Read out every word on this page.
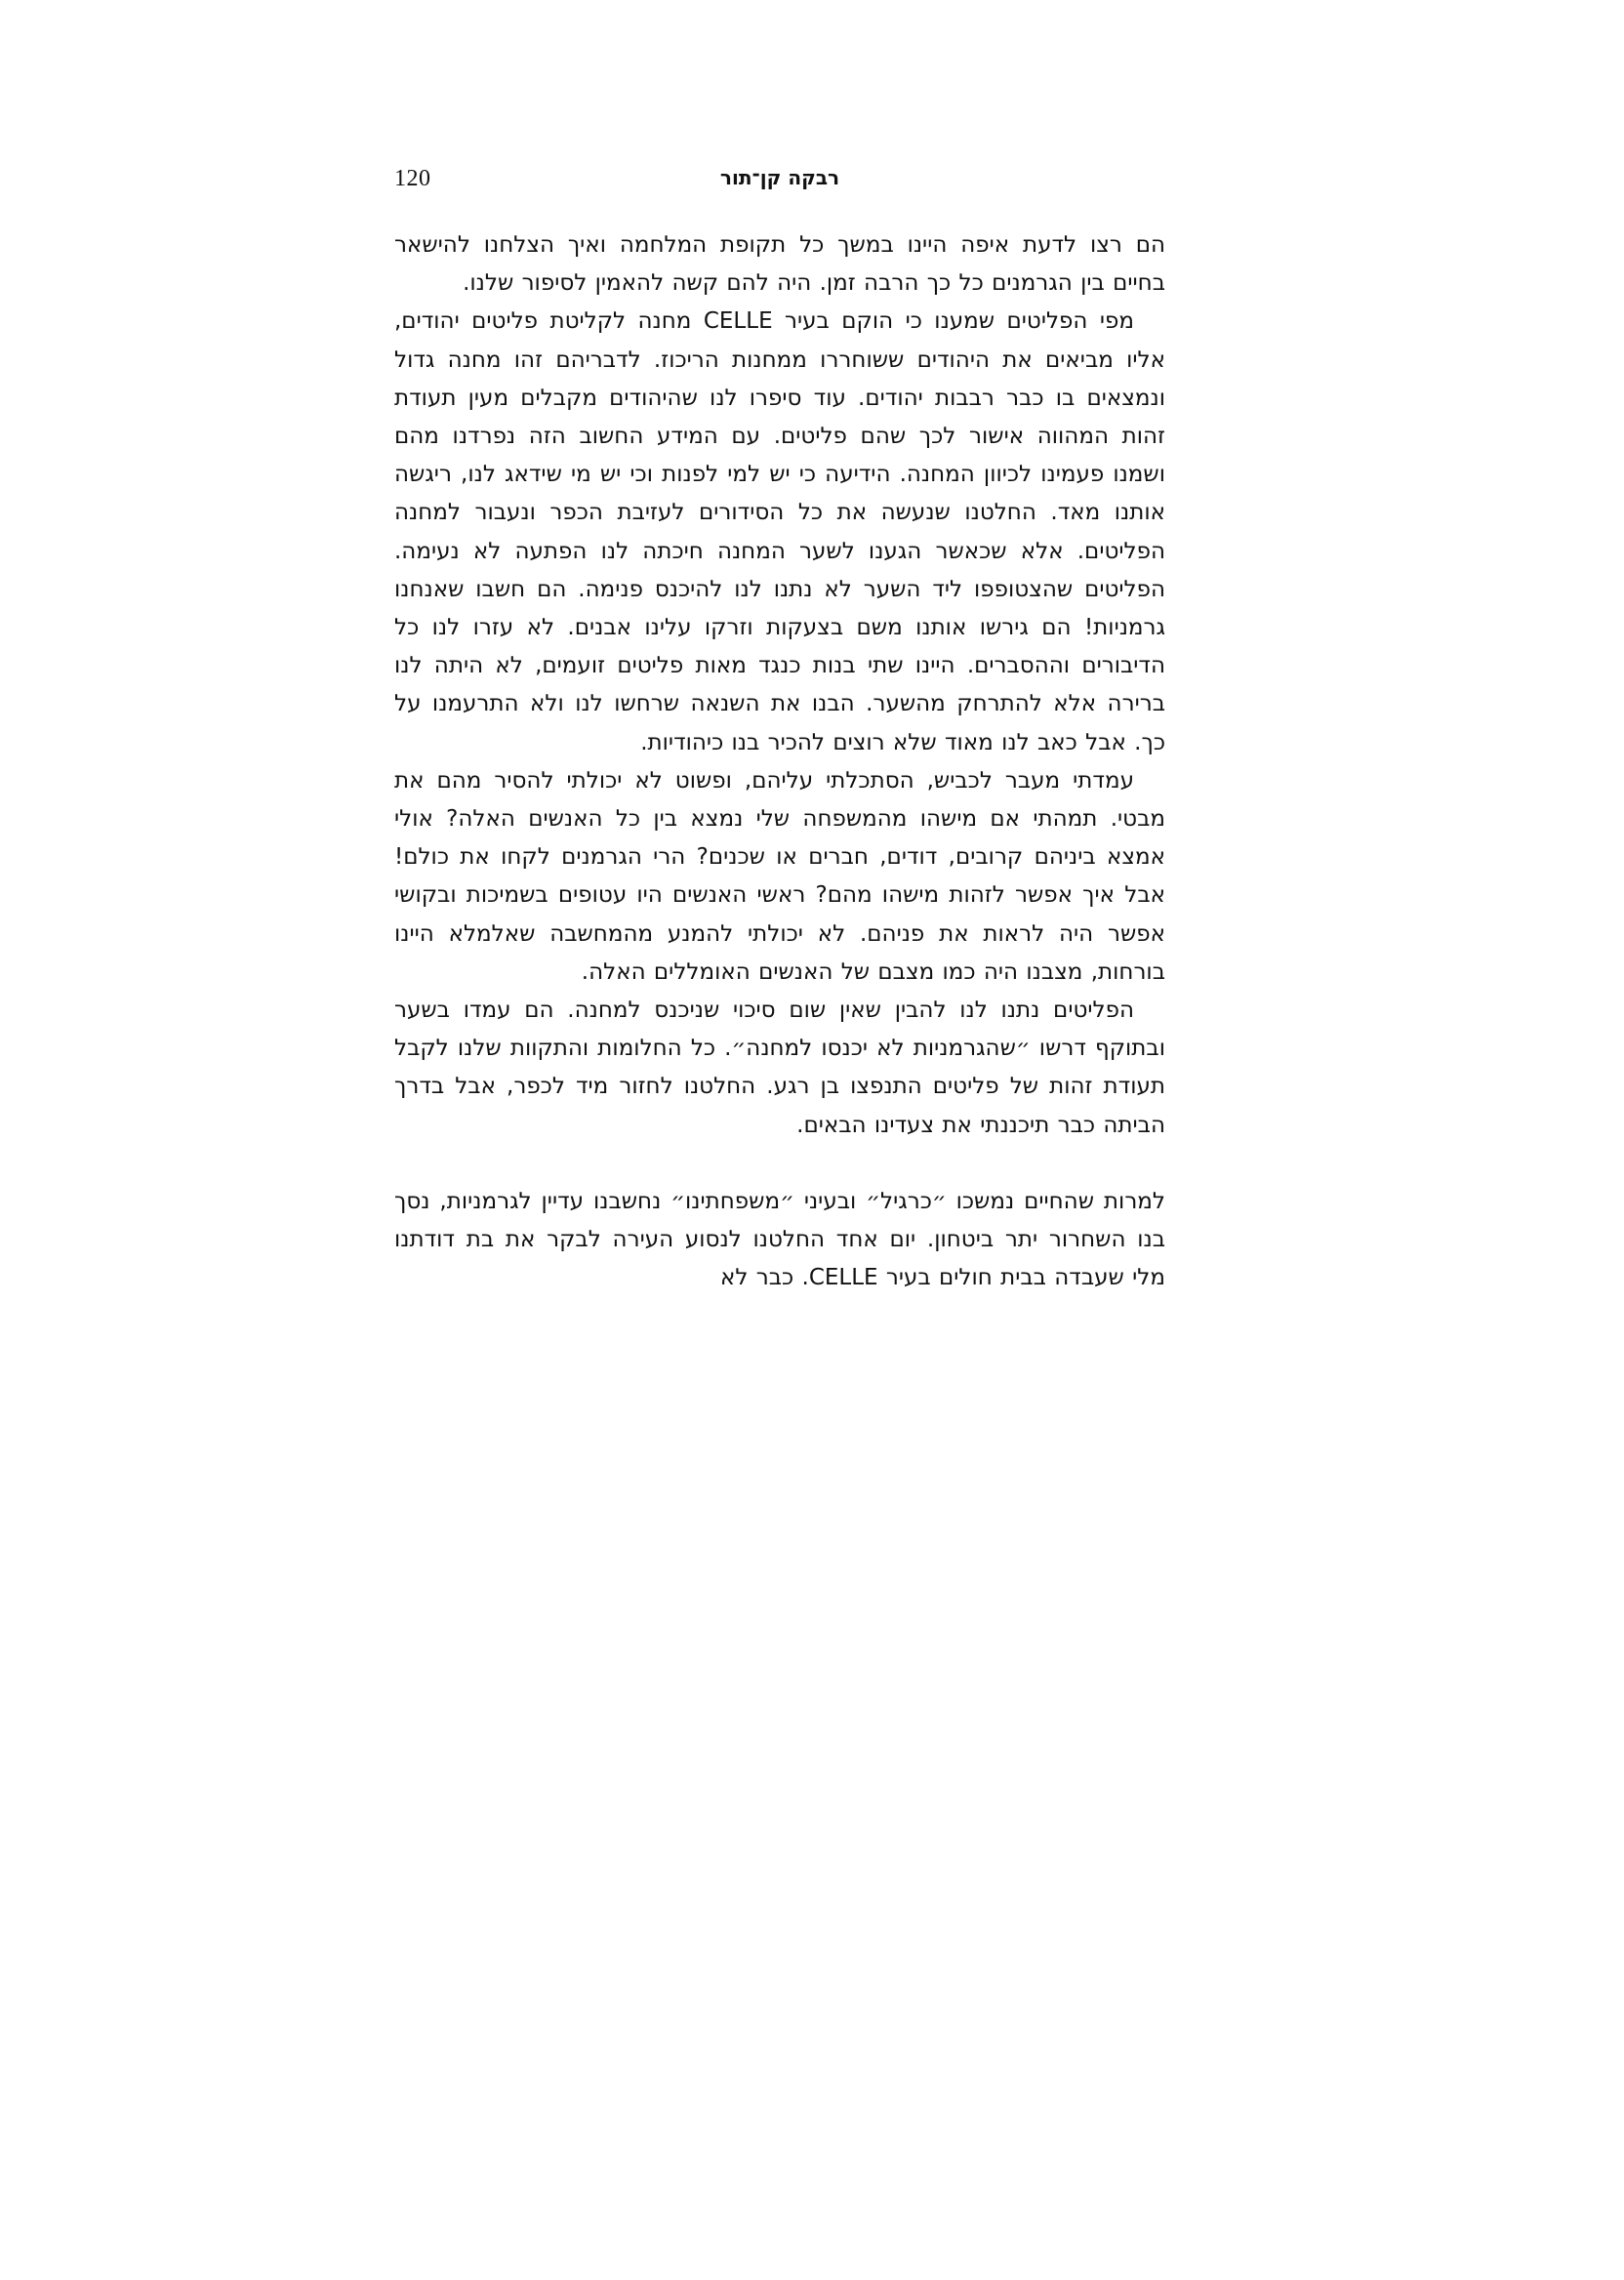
120	רבקה קן־תור

הם רצו לדעת איפה היינו במשך כל תקופת המלחמה ואיך הצלחנו להישאר בחיים בין הגרמנים כל כך הרבה זמן. היה להם קשה להאמין לסיפור שלנו.

מפי הפליטים שמענו כי הוקם בעיר CELLE מחנה לקליטת פליטים יהודים, אליו מביאים את היהודים ששוחררו ממחנות הריכוז. לדבריהם זהו מחנה גדול ונמצאים בו כבר רבבות יהודים. עוד סיפרו לנו שהיהודים מקבלים מעין תעודת זהות המהווה אישור לכך שהם פליטים. עם המידע החשוב הזה נפרדנו מהם ושמנו פעמינו לכיוון המחנה. הידיעה כי יש למי לפנות וכי יש מי שידאג לנו, ריגשה אותנו מאד. החלטנו שנעשה את כל הסידורים לעזיבת הכפר ונעבור למחנה הפליטים. אלא שכאשר הגענו לשער המחנה חיכתה לנו הפתעה לא נעימה. הפליטים שהצטופפו ליד השער לא נתנו לנו להיכנס פנימה. הם חשבו שאנחנו גרמניות! הם גירשו אותנו משם בצעקות וזרקו עלינו אבנים. לא עזרו לנו כל הדיבורים וההסברים. היינו שתי בנות כנגד מאות פליטים זועמים, לא היתה לנו ברירה אלא להתרחק מהשער. הבנו את השנאה שרחשו לנו ולא התרעמנו על כך. אבל כאב לנו מאוד שלא רוצים להכיר בנו כיהודיות.

עמדתי מעבר לכביש, הסתכלתי עליהם, ופשוט לא יכולתי להסיר מהם את מבטי. תמהתי אם מישהו מהמשפחה שלי נמצא בין כל האנשים האלה? אולי אמצא ביניהם קרובים, דודים, חברים או שכנים? הרי הגרמנים לקחו את כולם! אבל איך אפשר לזהות מישהו מהם? ראשי האנשים היו עטופים בשמיכות ובקושי אפשר היה לראות את פניהם. לא יכולתי להמנע מהמחשבה שאלמלא היינו בורחות, מצבנו היה כמו מצבם של האנשים האומללים האלה.

הפליטים נתנו לנו להבין שאין שום סיכוי שניכנס למחנה. הם עמדו בשער ובתוקף דרשו ״שהגרמניות לא יכנסו למחנה״. כל החלומות והתקוות שלנו לקבל תעודת זהות של פליטים התנפצו בן רגע. החלטנו לחזור מיד לכפר, אבל בדרך הביתה כבר תיכננתי את צעדינו הבאים.

למרות שהחיים נמשכו ״כרגיל״ ובעיני ״משפחתינו״ נחשבנו עדיין לגרמניות, נסך בנו השחרור יתר ביטחון. יום אחד החלטנו לנסוע העירה לבקר את בת דודתנו מלי שעבדה בבית חולים בעיר CELLE. כבר לא
